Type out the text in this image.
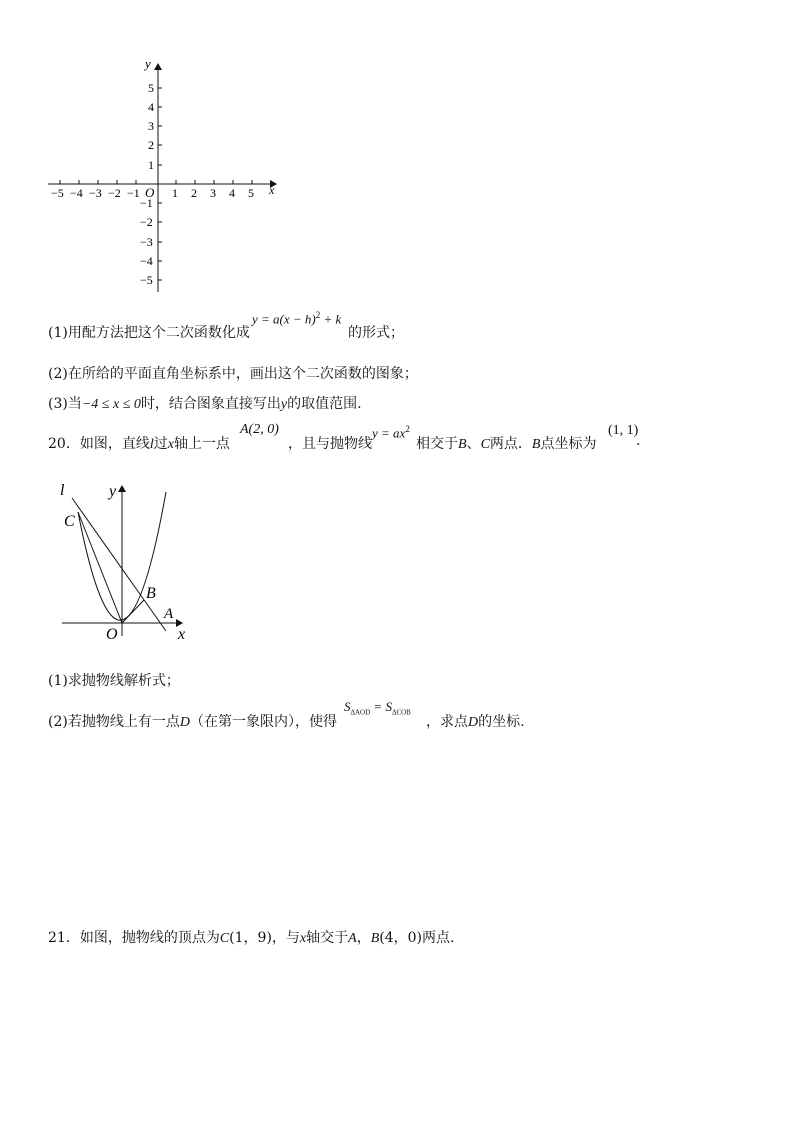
y
x
O
−5 −4 −3 −2 −1	1 2 3 4 5
5
4
3
2
1
−1
−2
−3
−4
−5
(1)用配方法把这个二次函数化成
$y = a(x - h)^2 + k$
的形式；
(2)在所给的平面直角坐标系中，画出这个二次函数的图象；
(3)当−4 ≤ x ≤ 0时，结合图象直接写出y的取值范围.
20．如图，直线l过x轴上一点
A(2, 0)
，且与抛物线
$y = ax^2$
相交于B、C两点．B点坐标为
(1, 1)
.
l	y
C
B
A
O	x
(1)求抛物线解析式；
(2)若抛物线上有一点D（在第一象限内），使得
$S_{\Delta AOD} = S_{\Delta COB}$
，求点D的坐标.
21．如图，抛物线的顶点为C(1，9)，与x轴交于A，B(4，0)两点.
